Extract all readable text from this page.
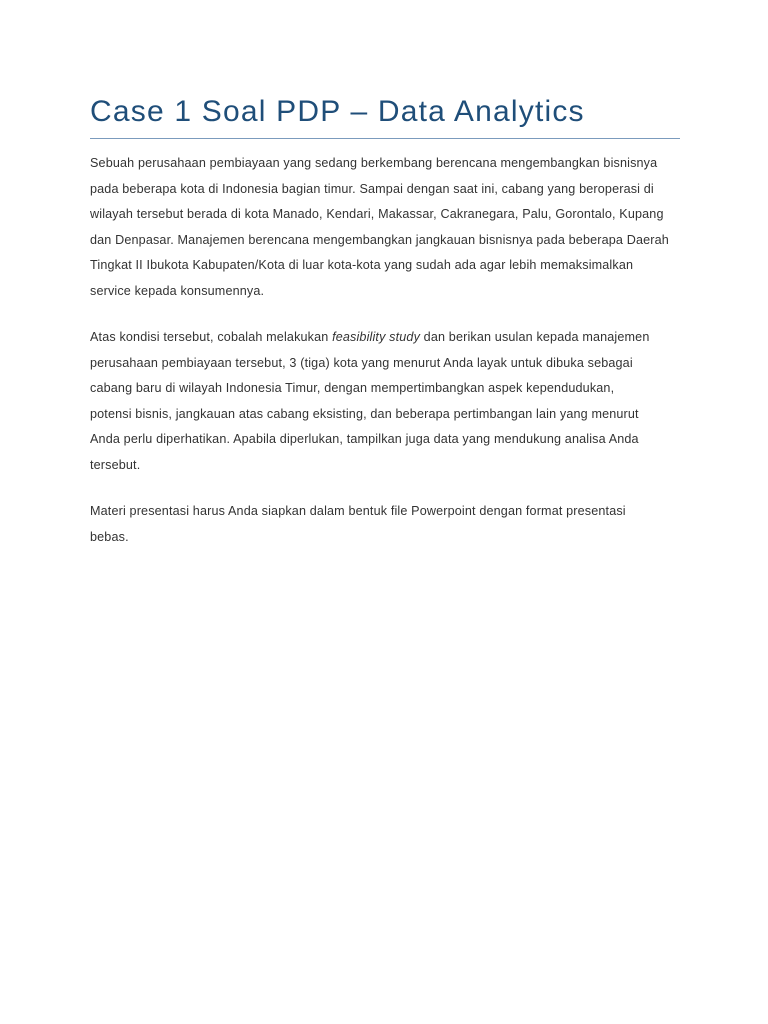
Case 1 Soal PDP – Data Analytics

Sebuah perusahaan pembiayaan yang sedang berkembang berencana mengembangkan bisnisnya
pada beberapa kota di Indonesia bagian timur. Sampai dengan saat ini, cabang yang beroperasi di
wilayah tersebut berada di kota Manado, Kendari, Makassar, Cakranegara, Palu, Gorontalo, Kupang
dan Denpasar. Manajemen berencana mengembangkan jangkauan bisnisnya pada beberapa Daerah
Tingkat II Ibukota Kabupaten/Kota di luar kota-kota yang sudah ada agar lebih memaksimalkan
service kepada konsumennya.

Atas kondisi tersebut, cobalah melakukan feasibility study dan berikan usulan kepada manajemen
perusahaan pembiayaan tersebut, 3 (tiga) kota yang menurut Anda layak untuk dibuka sebagai
cabang baru di wilayah Indonesia Timur, dengan mempertimbangkan aspek kependudukan,
potensi bisnis, jangkauan atas cabang eksisting, dan beberapa pertimbangan lain yang menurut
Anda perlu diperhatikan. Apabila diperlukan, tampilkan juga data yang mendukung analisa Anda
tersebut.

Materi presentasi harus Anda siapkan dalam bentuk file Powerpoint dengan format presentasi
bebas.
